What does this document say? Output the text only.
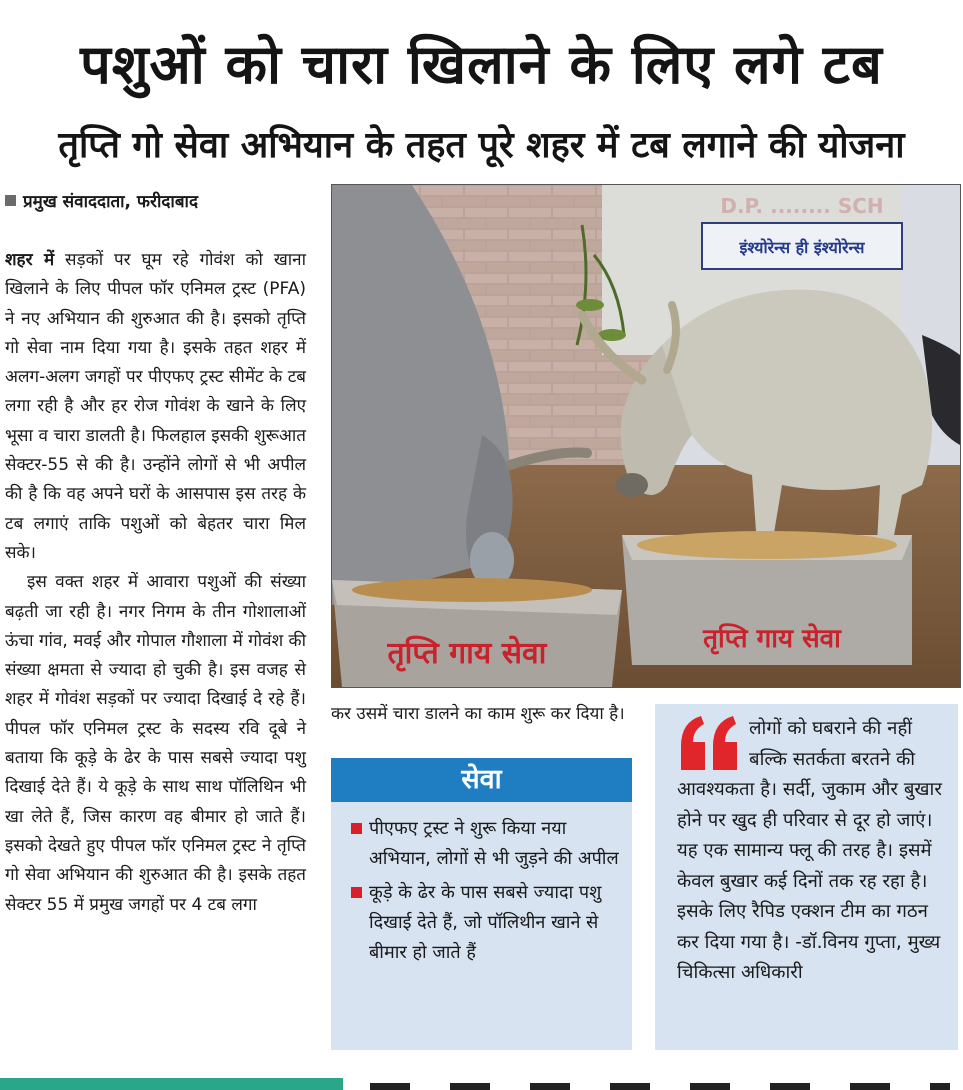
पशुओं को चारा खिलाने के लिए लगे टब
तृप्ति गो सेवा अभियान के तहत पूरे शहर में टब लगाने की योजना
प्रमुख संवाददाता, फरीदाबाद

शहर में सड़कों पर घूम रहे गोवंश को खाना खिलाने के लिए पीपल फॉर एनिमल ट्रस्ट (PFA) ने नए अभियान की शुरुआत की है। इसको तृप्ति गो सेवा नाम दिया गया है। इसके तहत शहर में अलग-अलग जगहों पर पीएफए ट्रस्ट सीमेंट के टब लगा रही है और हर रोज गोवंश के खाने के लिए भूसा व चारा डालती है। फिलहाल इसकी शुरूआत सेक्टर-55 से की है। उन्होंने लोगों से भी अपील की है कि वह अपने घरों के आसपास इस तरह के टब लगाएं ताकि पशुओं को बेहतर चारा मिल सके।

इस वक्त शहर में आवारा पशुओं की संख्या बढ़ती जा रही है। नगर निगम के तीन गोशालाओं ऊंचा गांव, मवई और गोपाल गौशाला में गोवंश की संख्या क्षमता से ज्यादा हो चुकी है। इस वजह से शहर में गोवंश सड़कों पर ज्यादा दिखाई दे रहे हैं। पीपल फॉर एनिमल ट्रस्ट के सदस्य रवि दूबे ने बताया कि कूड़े के ढेर के पास सबसे ज्यादा पशु दिखाई देते हैं। ये कूड़े के साथ साथ पॉलिथिन भी खा लेते हैं, जिस कारण वह बीमार हो जाते हैं। इसको देखते हुए पीपल फॉर एनिमल ट्रस्ट ने तृप्ति गो सेवा अभियान की शुरुआत की है। इसके तहत सेक्टर 55 में प्रमुख जगहों पर 4 टब लगा

इंश्योरेन्स ही इंश्योरेन्स
D.P. ........ SCH
तृप्ति गाय सेवा	तृप्ति गाय सेवा
कर उसमें चारा डालने का काम शुरू कर दिया है।
सेवा
पीएफए ट्रस्ट ने शुरू किया नया अभियान, लोगों से भी जुड़ने की अपील
कूड़े के ढेर के पास सबसे ज्यादा पशु दिखाई देते हैं, जो पॉलिथीन खाने से बीमार हो जाते हैं
लोगों को घबराने की नहीं बल्कि सतर्कता बरतने की आवश्यकता है। सर्दी, जुकाम और बुखार होने पर खुद ही परिवार से दूर हो जाएं। यह एक सामान्य फ्लू की तरह है। इसमें केवल बुखार कई दिनों तक रह रहा है। इसके लिए रैपिड एक्शन टीम का गठन कर दिया गया है। -डॉ.विनय गुप्ता, मुख्य चिकित्सा अधिकारी
